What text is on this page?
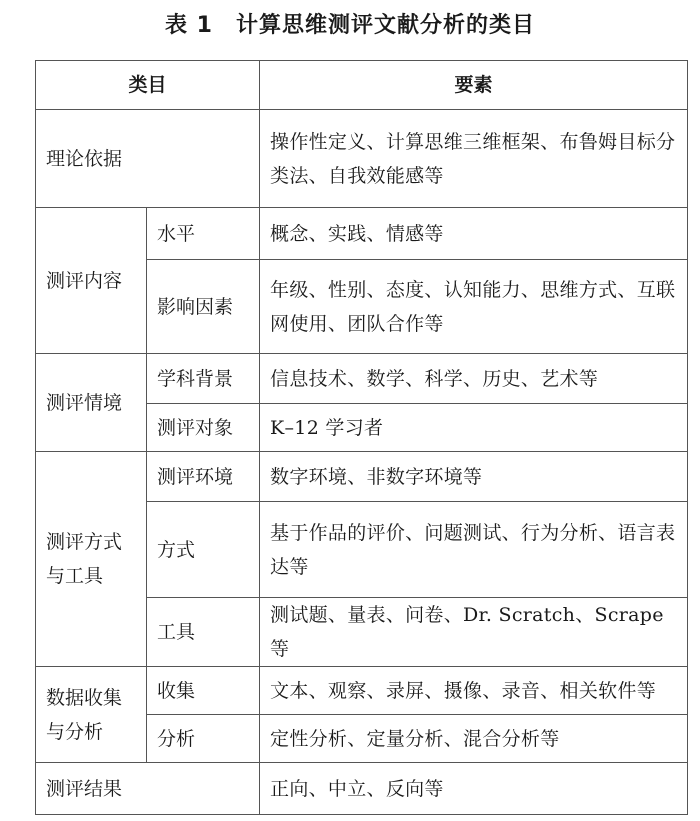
表 1　计算思维测评文献分析的类目
类目		要素
理论依据		操作性定义、计算思维三维框架、布鲁姆目标分类法、自我效能感等
测评内容	水平	概念、实践、情感等
	影响因素	年级、性别、态度、认知能力、思维方式、互联网使用、团队合作等
测评情境	学科背景	信息技术、数学、科学、历史、艺术等
	测评对象	K–12 学习者
测评方式与工具	测评环境	数字环境、非数字环境等
	方式	基于作品的评价、问题测试、行为分析、语言表达等
	工具	测试题、量表、问卷、Dr. Scratch、Scrape 等
数据收集与分析	收集	文本、观察、录屏、摄像、录音、相关软件等
	分析	定性分析、定量分析、混合分析等
测评结果		正向、中立、反向等
